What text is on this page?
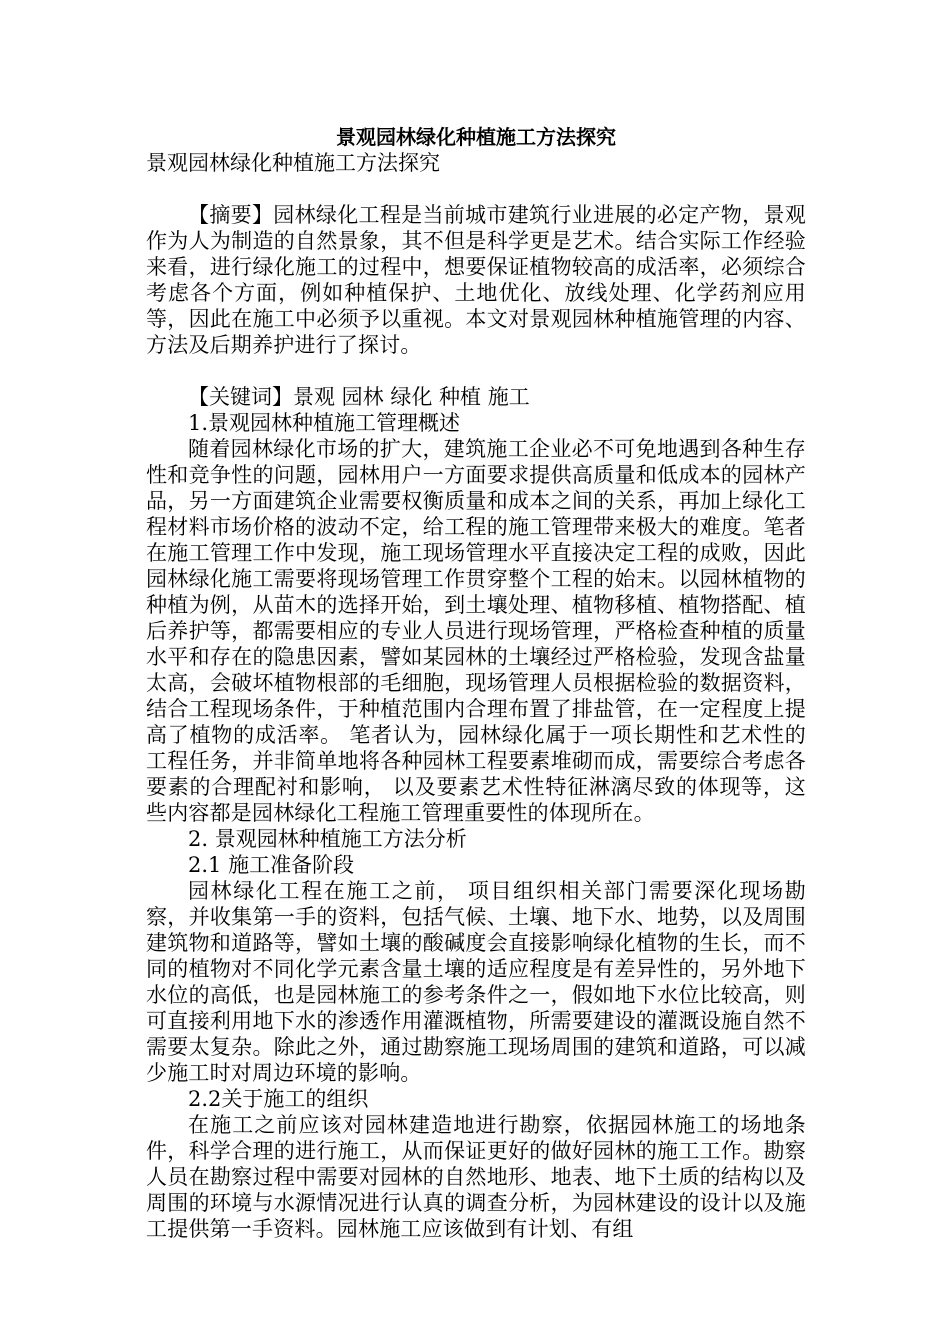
景观园林绿化种植施工方法探究
景观园林绿化种植施工方法探究
【摘要】园林绿化工程是当前城市建筑行业进展的必定产物，景观作为人为制造的自然景象，其不但是科学更是艺术。结合实际工作经验来看，进行绿化施工的过程中，想要保证植物较高的成活率，必须综合考虑各个方面，例如种植保护、土地优化、放线处理、化学药剂应用等，因此在施工中必须予以重视。本文对景观园林种植施管理的内容、方法及后期养护进行了探讨。
【关键词】景观 园林 绿化 种植 施工
1.景观园林种植施工管理概述
随着园林绿化市场的扩大，建筑施工企业必不可免地遇到各种生存性和竞争性的问题，园林用户一方面要求提供高质量和低成本的园林产品，另一方面建筑企业需要权衡质量和成本之间的关系，再加上绿化工程材料市场价格的波动不定，给工程的施工管理带来极大的难度。笔者在施工管理工作中发现，施工现场管理水平直接决定工程的成败，因此园林绿化施工需要将现场管理工作贯穿整个工程的始末。以园林植物的种植为例，从苗木的选择开始，到土壤处理、植物移植、植物搭配、植后养护等，都需要相应的专业人员进行现场管理，严格检查种植的质量水平和存在的隐患因素，譬如某园林的土壤经过严格检验，发现含盐量太高，会破坏植物根部的毛细胞，现场管理人员根据检验的数据资料，结合工程现场条件，于种植范围内合理布置了排盐管，在一定程度上提高了植物的成活率。 笔者认为，园林绿化属于一项长期性和艺术性的工程任务，并非简单地将各种园林工程要素堆砌而成，需要综合考虑各要素的合理配衬和影响， 以及要素艺术性特征淋漓尽致的体现等，这些内容都是园林绿化工程施工管理重要性的体现所在。
2. 景观园林种植施工方法分析
2.1 施工准备阶段
园林绿化工程在施工之前， 项目组织相关部门需要深化现场勘察，并收集第一手的资料，包括气候、土壤、地下水、地势，以及周围建筑物和道路等，譬如土壤的酸碱度会直接影响绿化植物的生长，而不同的植物对不同化学元素含量土壤的适应程度是有差异性的，另外地下水位的高低，也是园林施工的参考条件之一，假如地下水位比较高，则可直接利用地下水的渗透作用灌溉植物，所需要建设的灌溉设施自然不需要太复杂。除此之外，通过勘察施工现场周围的建筑和道路，可以减少施工时对周边环境的影响。
2.2关于施工的组织
在施工之前应该对园林建造地进行勘察，依据园林施工的场地条件，科学合理的进行施工，从而保证更好的做好园林的施工工作。勘察人员在勘察过程中需要对园林的自然地形、地表、地下土质的结构以及周围的环境与水源情况进行认真的调查分析，为园林建设的设计以及施工提供第一手资料。园林施工应该做到有计划、有组
